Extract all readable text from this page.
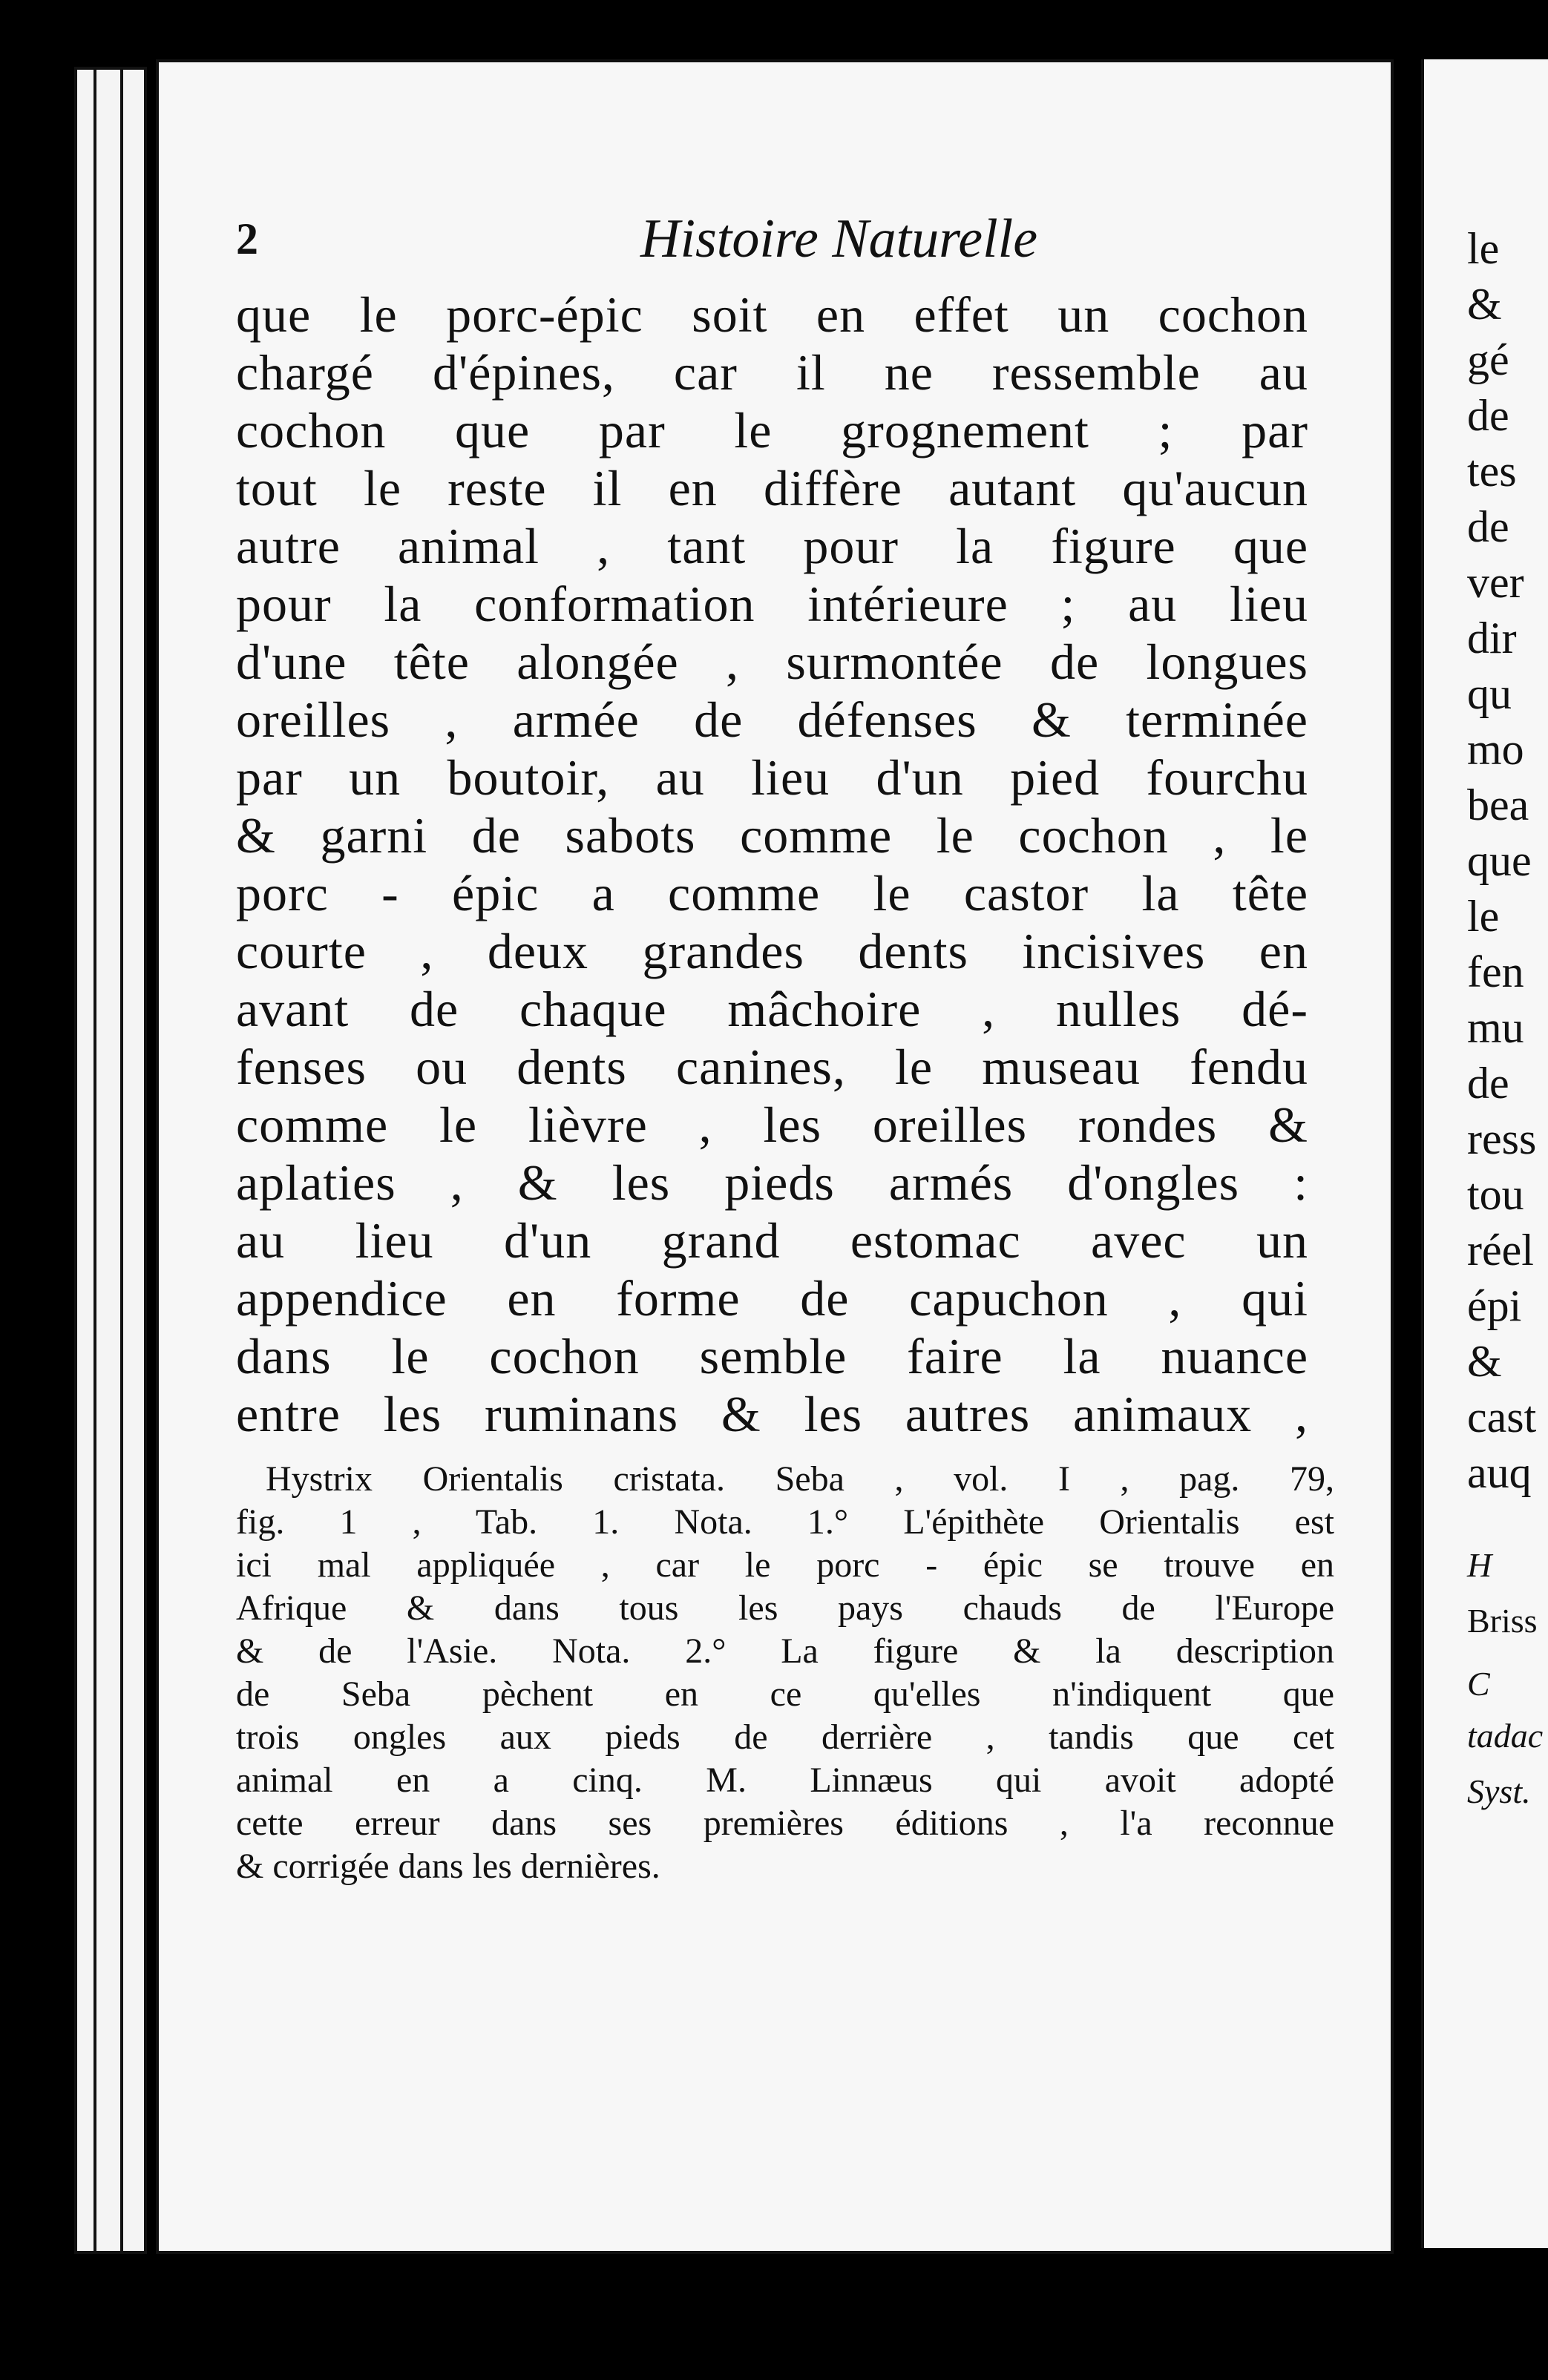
2	Histoire Naturelle
que le porc-épic soit en effet un cochon
chargé d'épines, car il ne ressemble au
cochon que par le grognement ; par
tout le reste il en diffère autant qu'aucun
autre animal , tant pour la figure que
pour la conformation intérieure ; au lieu
d'une tête alongée , surmontée de longues
oreilles , armée de défenses & terminée
par un boutoir, au lieu d'un pied fourchu
& garni de sabots comme le cochon , le
porc - épic a comme le castor la tête
courte , deux grandes dents incisives en
avant de chaque mâchoire , nulles dé-
fenses ou dents canines, le museau fendu
comme le lièvre , les oreilles rondes &
aplaties , & les pieds armés d'ongles :
au lieu d'un grand estomac avec un
appendice en forme de capuchon , qui
dans le cochon semble faire la nuance
entre les ruminans & les autres animaux ,
Hystrix Orientalis cristata. Seba , vol. I , pag. 79,
fig. 1 , Tab. 1. Nota. 1.° L'épithète Orientalis est
ici mal appliquée , car le porc - épic se trouve en
Afrique & dans tous les pays chauds de l'Europe
& de l'Asie. Nota. 2.° La figure & la description
de Seba pèchent en ce qu'elles n'indiquent que
trois ongles aux pieds de derrière , tandis que cet
animal en a cinq. M. Linnæus qui avoit adopté
cette erreur dans ses premières éditions , l'a reconnue
& corrigée dans les dernières.
le
&
gé
de
tes
de
ver
dir
qu
mo
bea
que
le
fen
mu
de
ress
tou
réel
épi
&
cast
auq
H
Briss
C
tadac
Syst.
